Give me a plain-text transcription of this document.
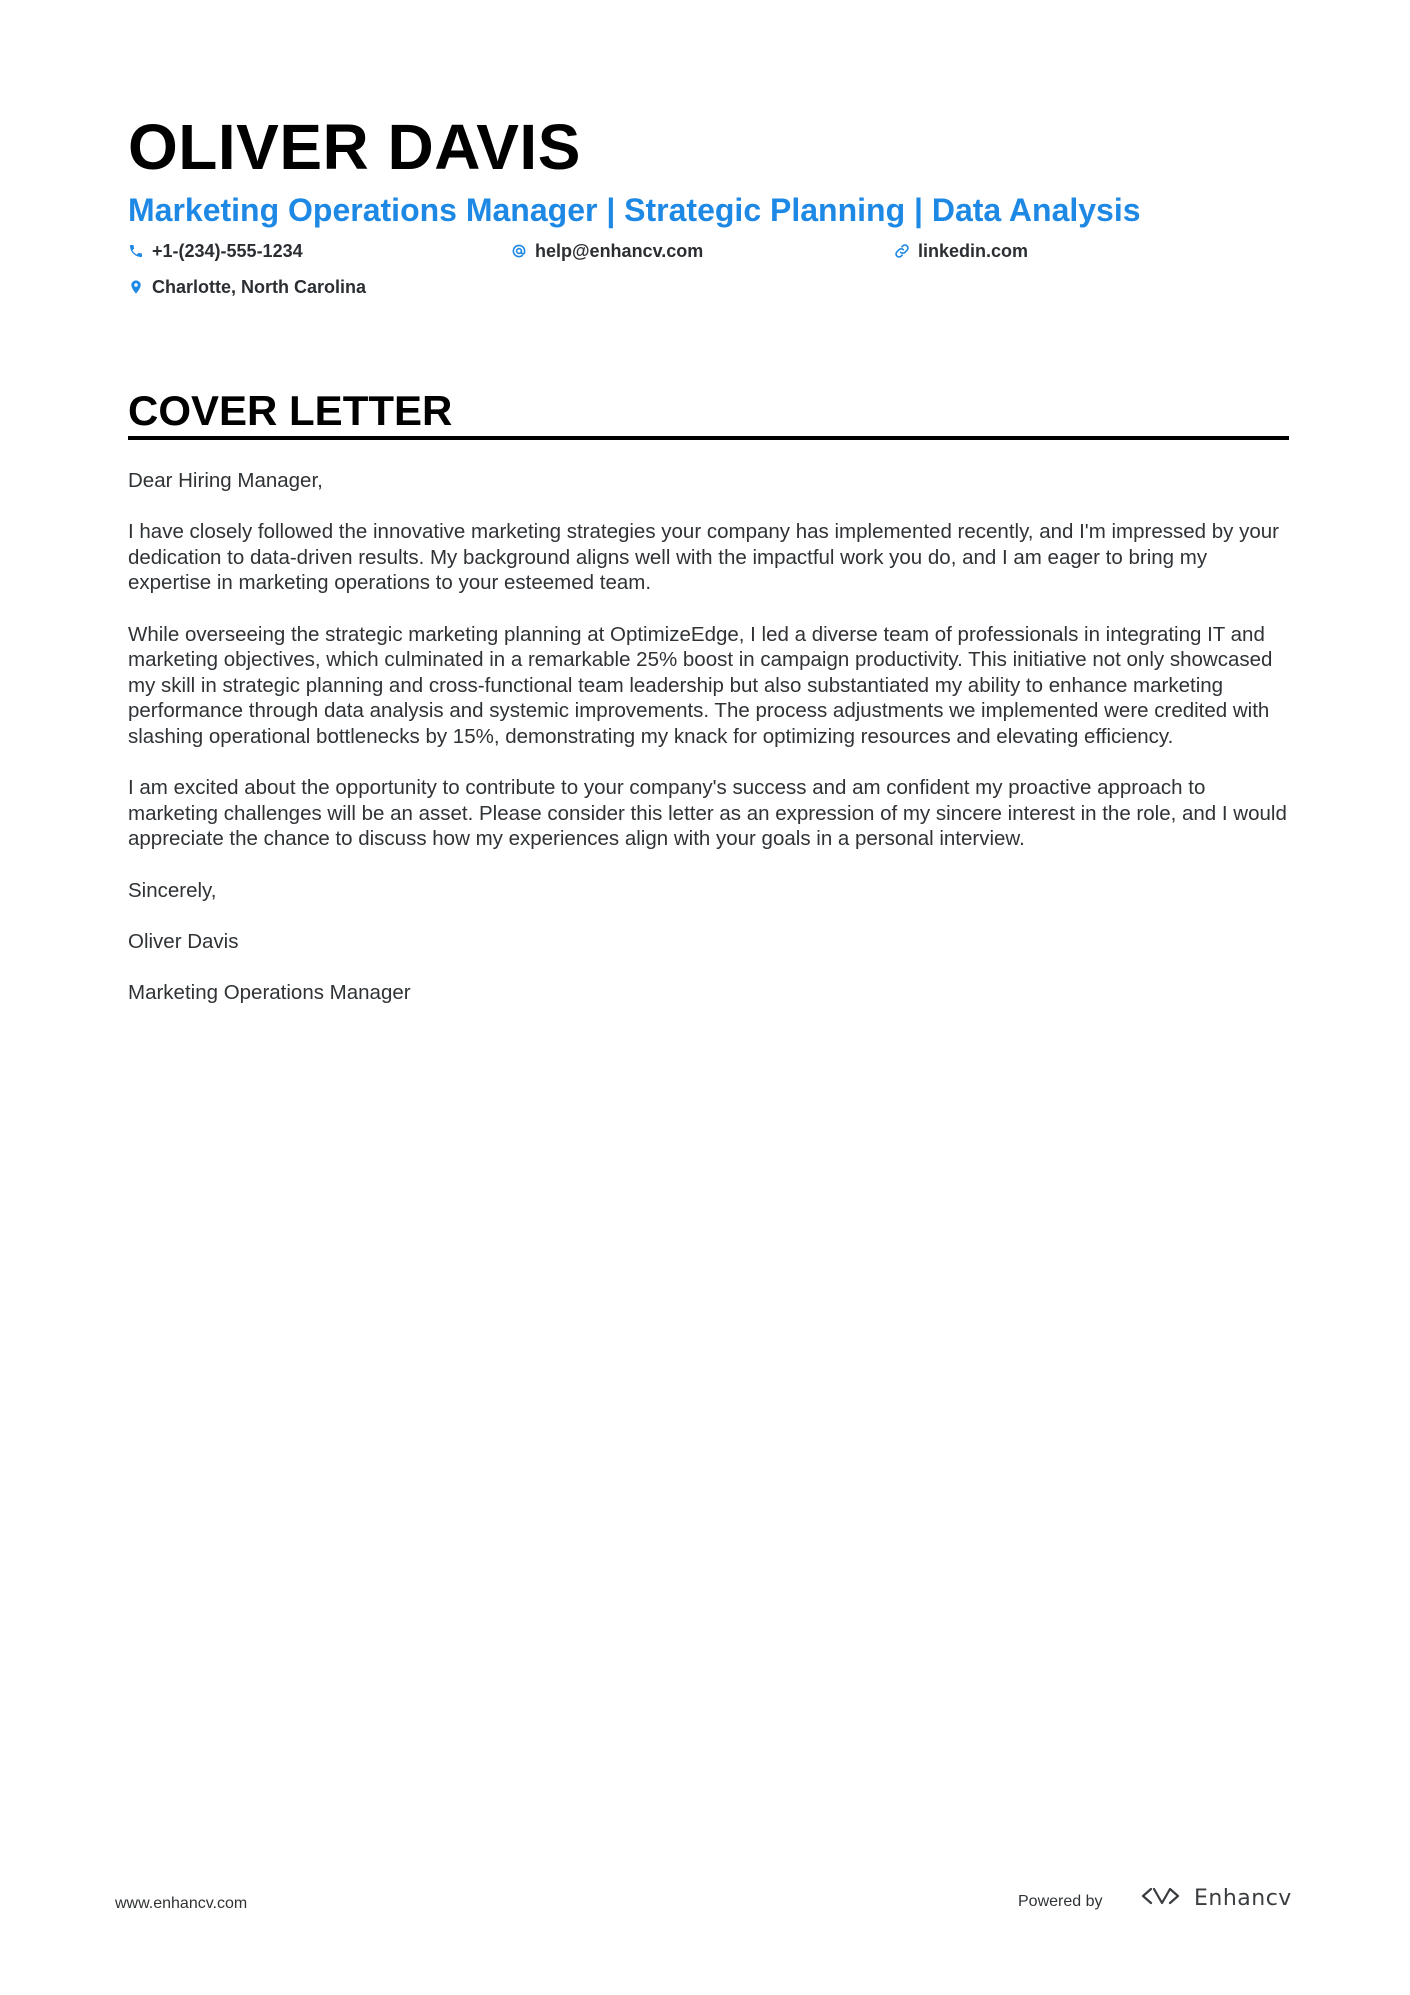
OLIVER DAVIS
Marketing Operations Manager | Strategic Planning | Data Analysis
+1-(234)-555-1234	help@enhancv.com	linkedin.com
Charlotte, North Carolina
COVER LETTER

Dear Hiring Manager,

I have closely followed the innovative marketing strategies your company has implemented recently, and I'm impressed by your dedication to data-driven results. My background aligns well with the impactful work you do, and I am eager to bring my expertise in marketing operations to your esteemed team.

While overseeing the strategic marketing planning at OptimizeEdge, I led a diverse team of professionals in integrating IT and marketing objectives, which culminated in a remarkable 25% boost in campaign productivity. This initiative not only showcased my skill in strategic planning and cross-functional team leadership but also substantiated my ability to enhance marketing performance through data analysis and systemic improvements. The process adjustments we implemented were credited with slashing operational bottlenecks by 15%, demonstrating my knack for optimizing resources and elevating efficiency.

I am excited about the opportunity to contribute to your company's success and am confident my proactive approach to marketing challenges will be an asset. Please consider this letter as an expression of my sincere interest in the role, and I would appreciate the chance to discuss how my experiences align with your goals in a personal interview.

Sincerely,

Oliver Davis

Marketing Operations Manager

www.enhancv.com	Powered by	Enhancv
